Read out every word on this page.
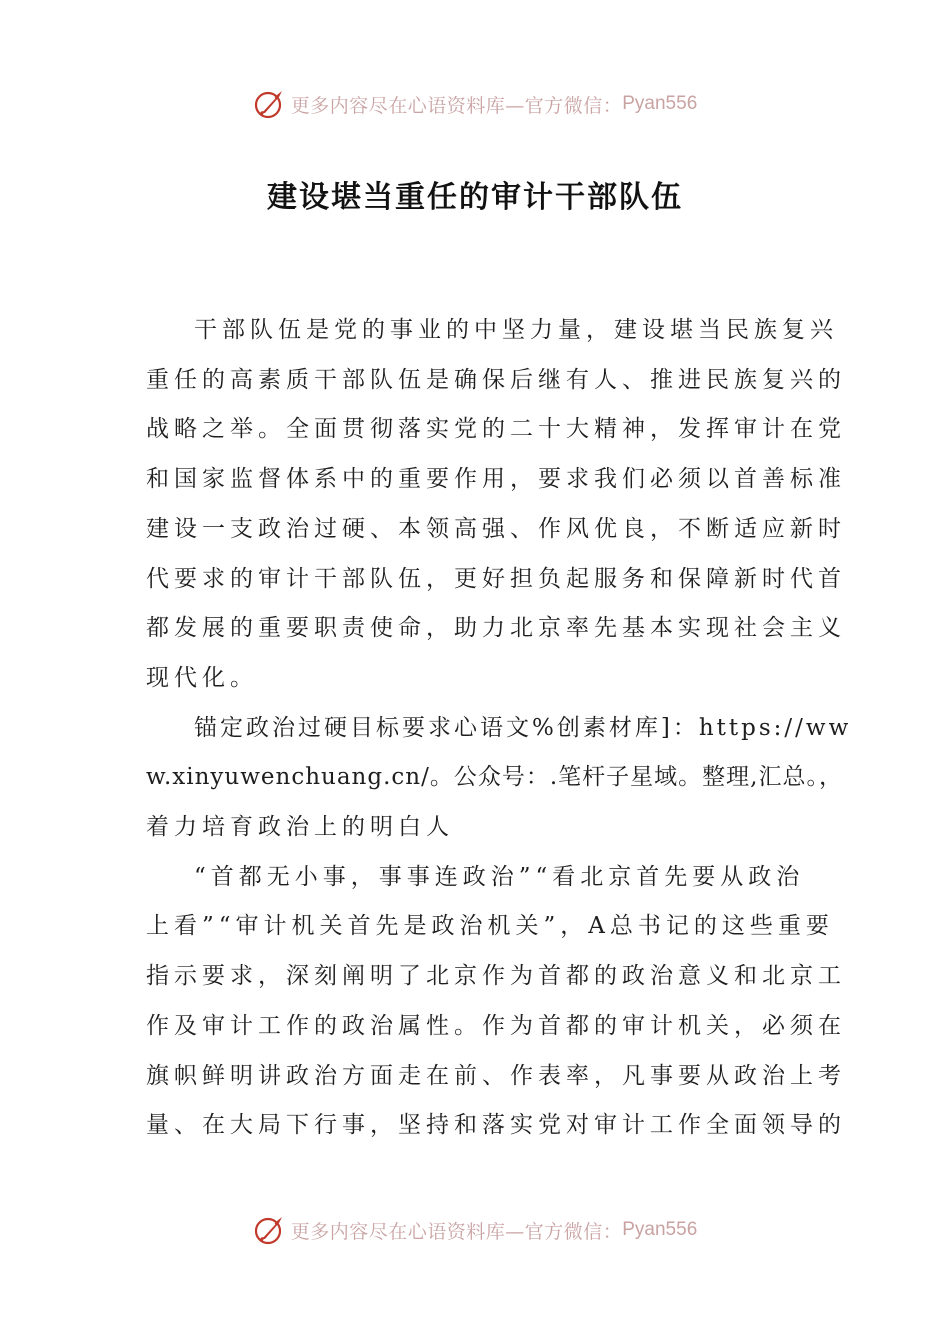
更多内容尽在心语资料库—官方微信： Pyan556
建设堪当重任的审计干部队伍
干部队伍是党的事业的中坚力量，建设堪当民族复兴
重任的高素质干部队伍是确保后继有人、推进民族复兴的
战略之举。全面贯彻落实党的二十大精神，发挥审计在党
和国家监督体系中的重要作用，要求我们必须以首善标准
建设一支政治过硬、本领高强、作风优良，不断适应新时
代要求的审计干部队伍，更好担负起服务和保障新时代首
都发展的重要职责使命，助力北京率先基本实现社会主义
现代化。
锚定政治过硬目标要求心语文%创素材库]：https://ww
w.xinyuwenchuang.cn/。公众号：.笔杆子星域。整理,汇总。，
着力培育政治上的明白人
“首都无小事，事事连政治”“看北京首先要从政治
上看”“审计机关首先是政治机关”，A总书记的这些重要
指示要求，深刻阐明了北京作为首都的政治意义和北京工
作及审计工作的政治属性。作为首都的审计机关，必须在
旗帜鲜明讲政治方面走在前、作表率，凡事要从政治上考
量、在大局下行事，坚持和落实党对审计工作全面领导的
更多内容尽在心语资料库—官方微信： Pyan556
